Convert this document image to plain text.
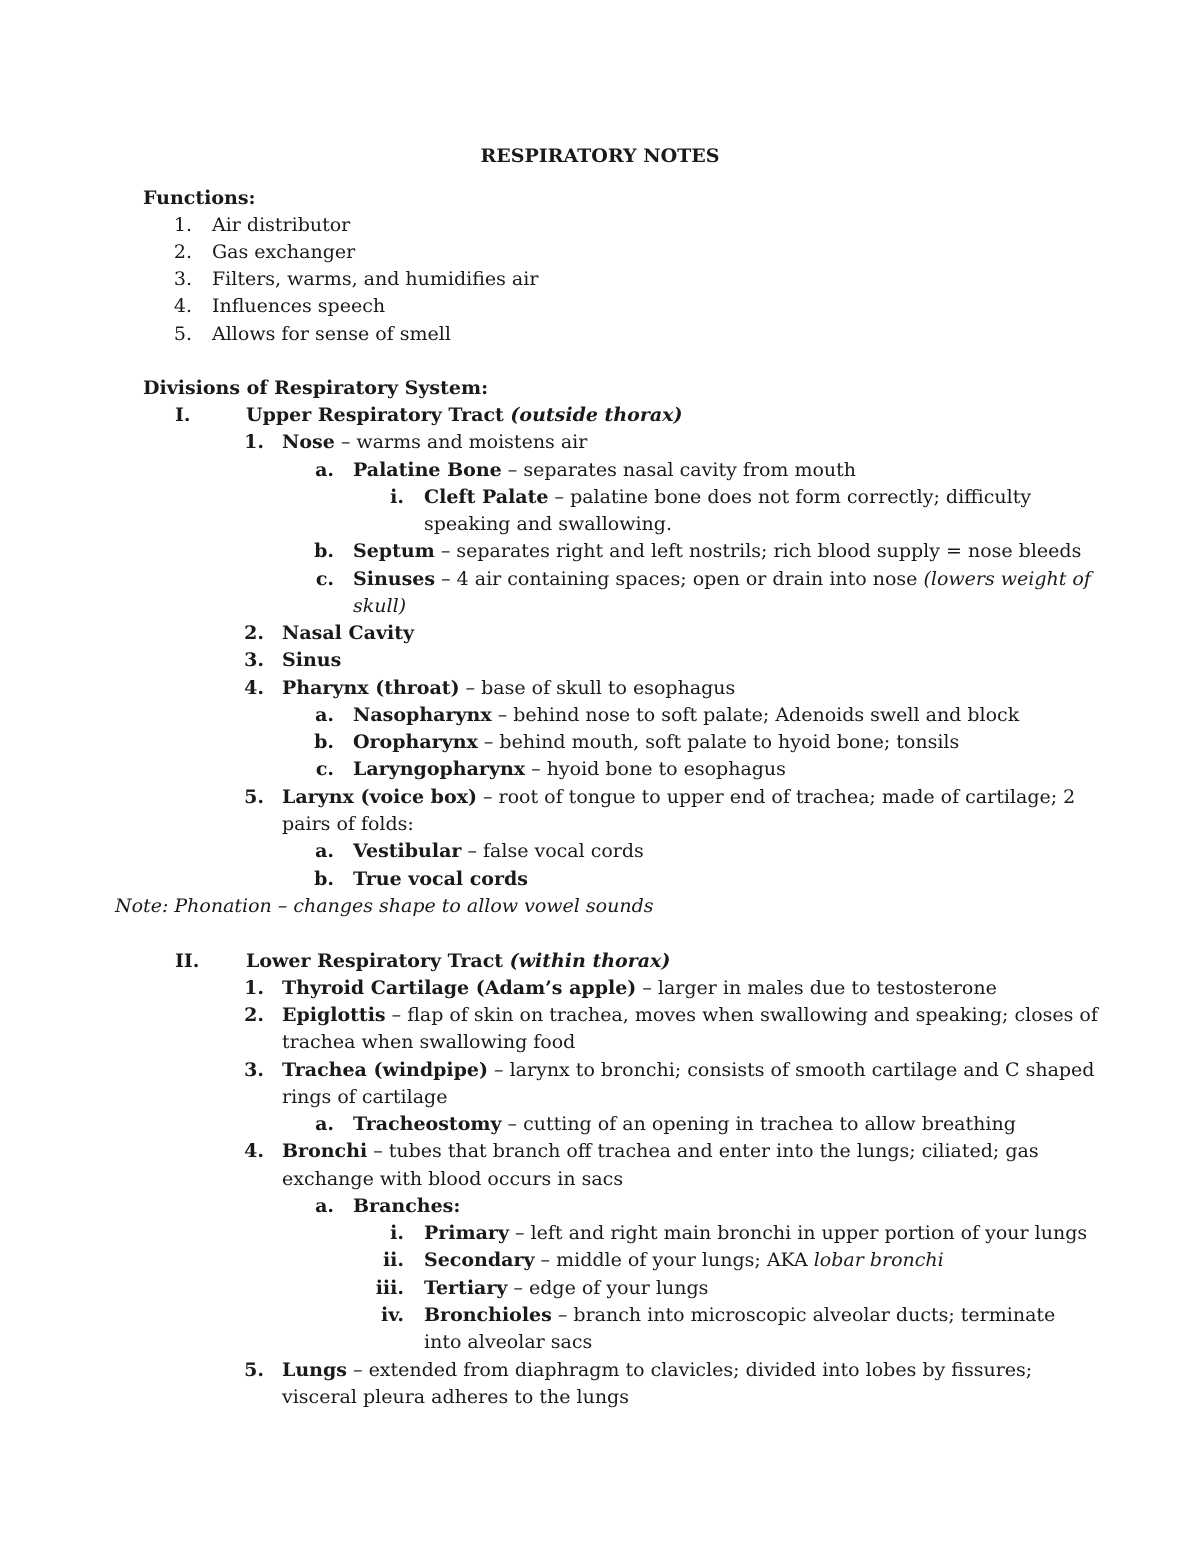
RESPIRATORY NOTES
Functions:
1. Air distributor
2. Gas exchanger
3. Filters, warms, and humidifies air
4. Influences speech
5. Allows for sense of smell
Divisions of Respiratory System:
I.	Upper Respiratory Tract (outside thorax)
1. Nose – warms and moistens air
a. Palatine Bone – separates nasal cavity from mouth
i. Cleft Palate – palatine bone does not form correctly; difficulty
speaking and swallowing.
b. Septum – separates right and left nostrils; rich blood supply = nose bleeds
c. Sinuses – 4 air containing spaces; open or drain into nose (lowers weight of
skull)
2. Nasal Cavity
3. Sinus
4. Pharynx (throat) – base of skull to esophagus
a. Nasopharynx – behind nose to soft palate; Adenoids swell and block
b. Oropharynx – behind mouth, soft palate to hyoid bone; tonsils
c. Laryngopharynx – hyoid bone to esophagus
5. Larynx (voice box) – root of tongue to upper end of trachea; made of cartilage; 2
pairs of folds:
a. Vestibular – false vocal cords
b. True vocal cords
Note: Phonation – changes shape to allow vowel sounds
II. Lower Respiratory Tract (within thorax)
1. Thyroid Cartilage (Adam’s apple) – larger in males due to testosterone
2. Epiglottis – flap of skin on trachea, moves when swallowing and speaking; closes of
trachea when swallowing food
3. Trachea (windpipe) – larynx to bronchi; consists of smooth cartilage and C shaped
rings of cartilage
a. Tracheostomy – cutting of an opening in trachea to allow breathing
4. Bronchi – tubes that branch off trachea and enter into the lungs; ciliated; gas
exchange with blood occurs in sacs
a. Branches:
i. Primary – left and right main bronchi in upper portion of your lungs
ii. Secondary – middle of your lungs; AKA lobar bronchi
iii. Tertiary – edge of your lungs
iv. Bronchioles – branch into microscopic alveolar ducts; terminate
into alveolar sacs
5. Lungs – extended from diaphragm to clavicles; divided into lobes by fissures;
visceral pleura adheres to the lungs
